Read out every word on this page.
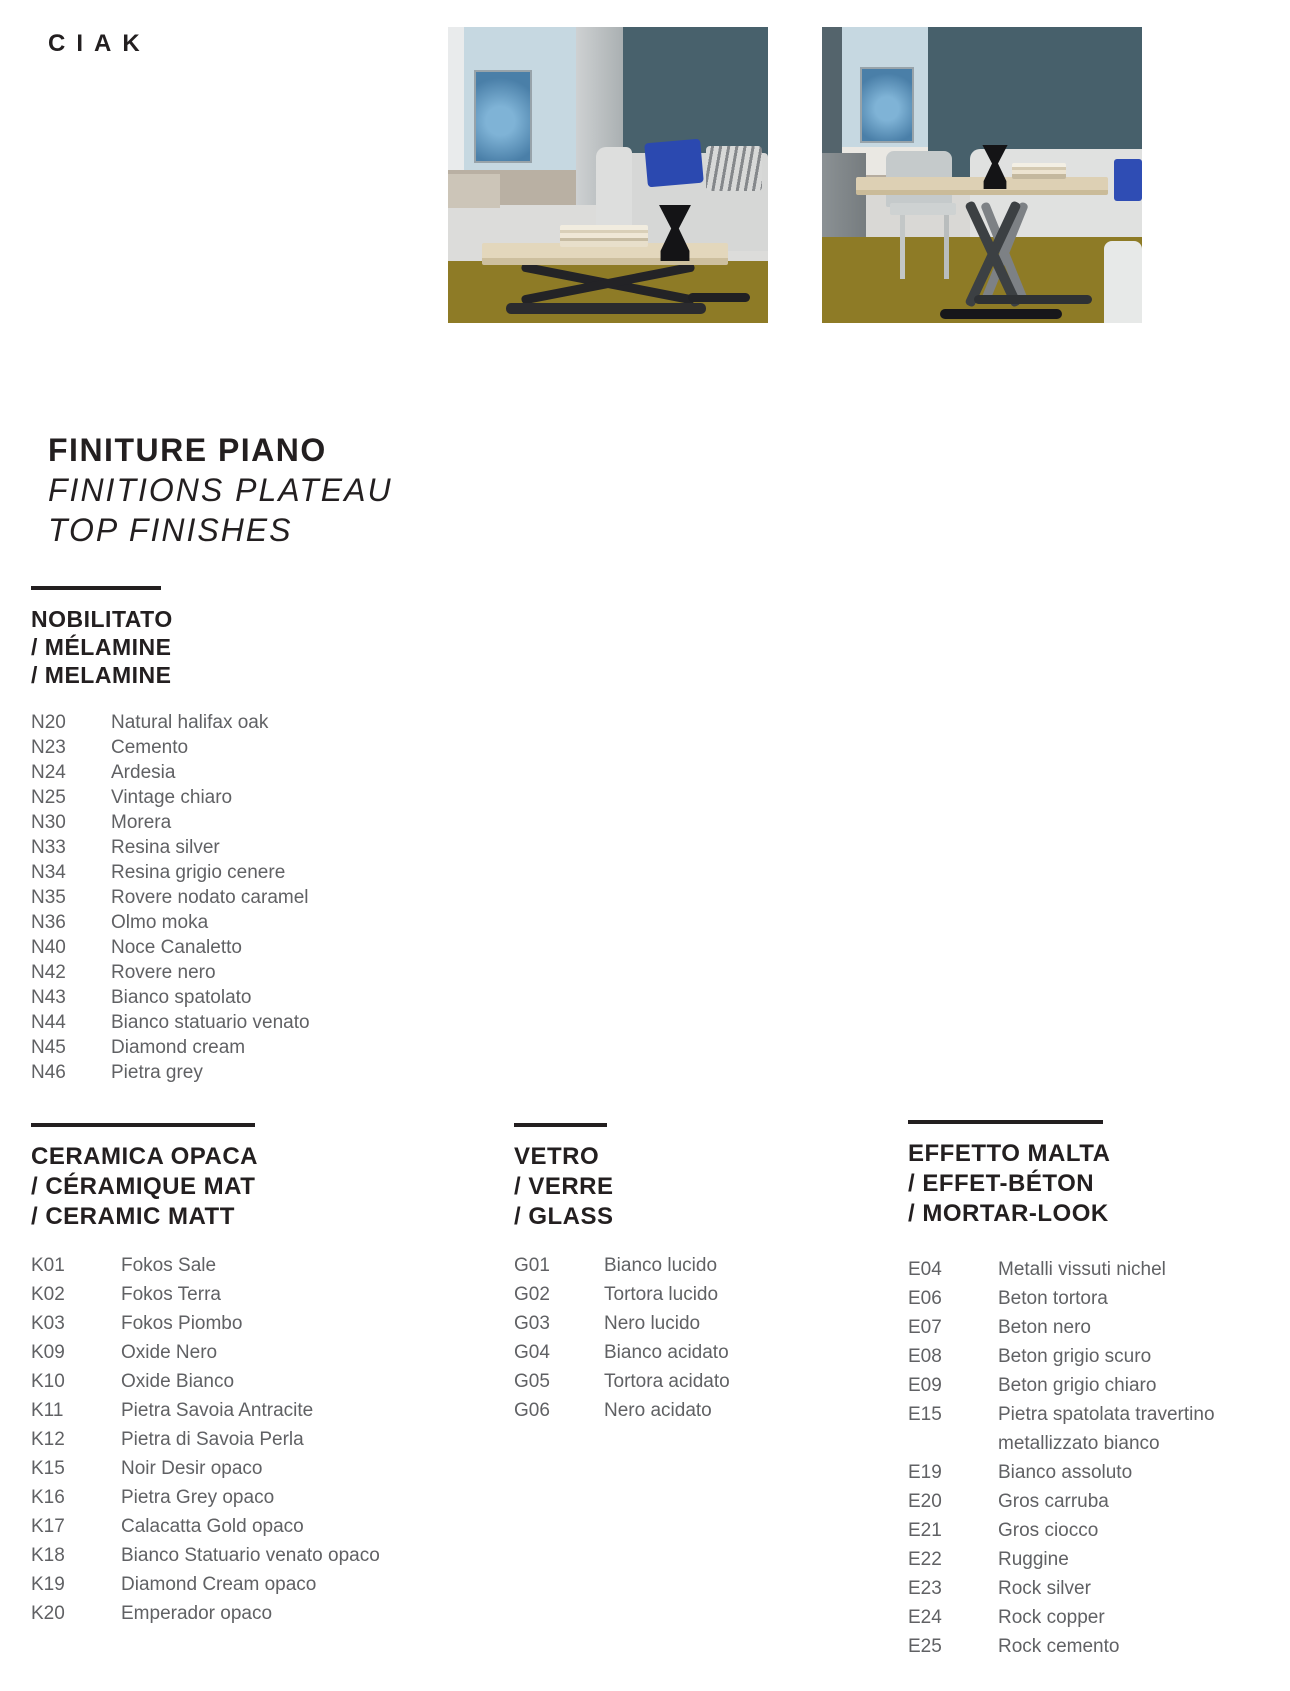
CIAK
FINITURE PIANO
FINITIONS PLATEAU
TOP FINISHES
NOBILITATO
/ MÉLAMINE
/ MELAMINE
N20	Natural halifax oak
N23	Cemento
N24	Ardesia
N25	Vintage chiaro
N30	Morera
N33	Resina silver
N34	Resina grigio cenere
N35	Rovere nodato caramel
N36	Olmo moka
N40	Noce Canaletto
N42	Rovere nero
N43	Bianco spatolato
N44	Bianco statuario venato
N45	Diamond cream
N46	Pietra grey
CERAMICA OPACA
/ CÉRAMIQUE MAT
/ CERAMIC MATT
K01	Fokos Sale
K02	Fokos Terra
K03	Fokos Piombo
K09	Oxide Nero
K10	Oxide Bianco
K11	Pietra Savoia Antracite
K12	Pietra di Savoia Perla
K15	Noir Desir opaco
K16	Pietra Grey opaco
K17	Calacatta Gold opaco
K18	Bianco Statuario venato opaco
K19	Diamond Cream opaco
K20	Emperador opaco
VETRO
/ VERRE
/ GLASS
G01	Bianco lucido
G02	Tortora lucido
G03	Nero lucido
G04	Bianco acidato
G05	Tortora acidato
G06	Nero acidato
EFFETTO MALTA
/ EFFET-BÉTON
/ MORTAR-LOOK
E04	Metalli vissuti nichel
E06	Beton tortora
E07	Beton nero
E08	Beton grigio scuro
E09	Beton grigio chiaro
E15	Pietra spatolata travertino metallizzato bianco
E19	Bianco assoluto
E20	Gros carruba
E21	Gros ciocco
E22	Ruggine
E23	Rock silver
E24	Rock copper
E25	Rock cemento
